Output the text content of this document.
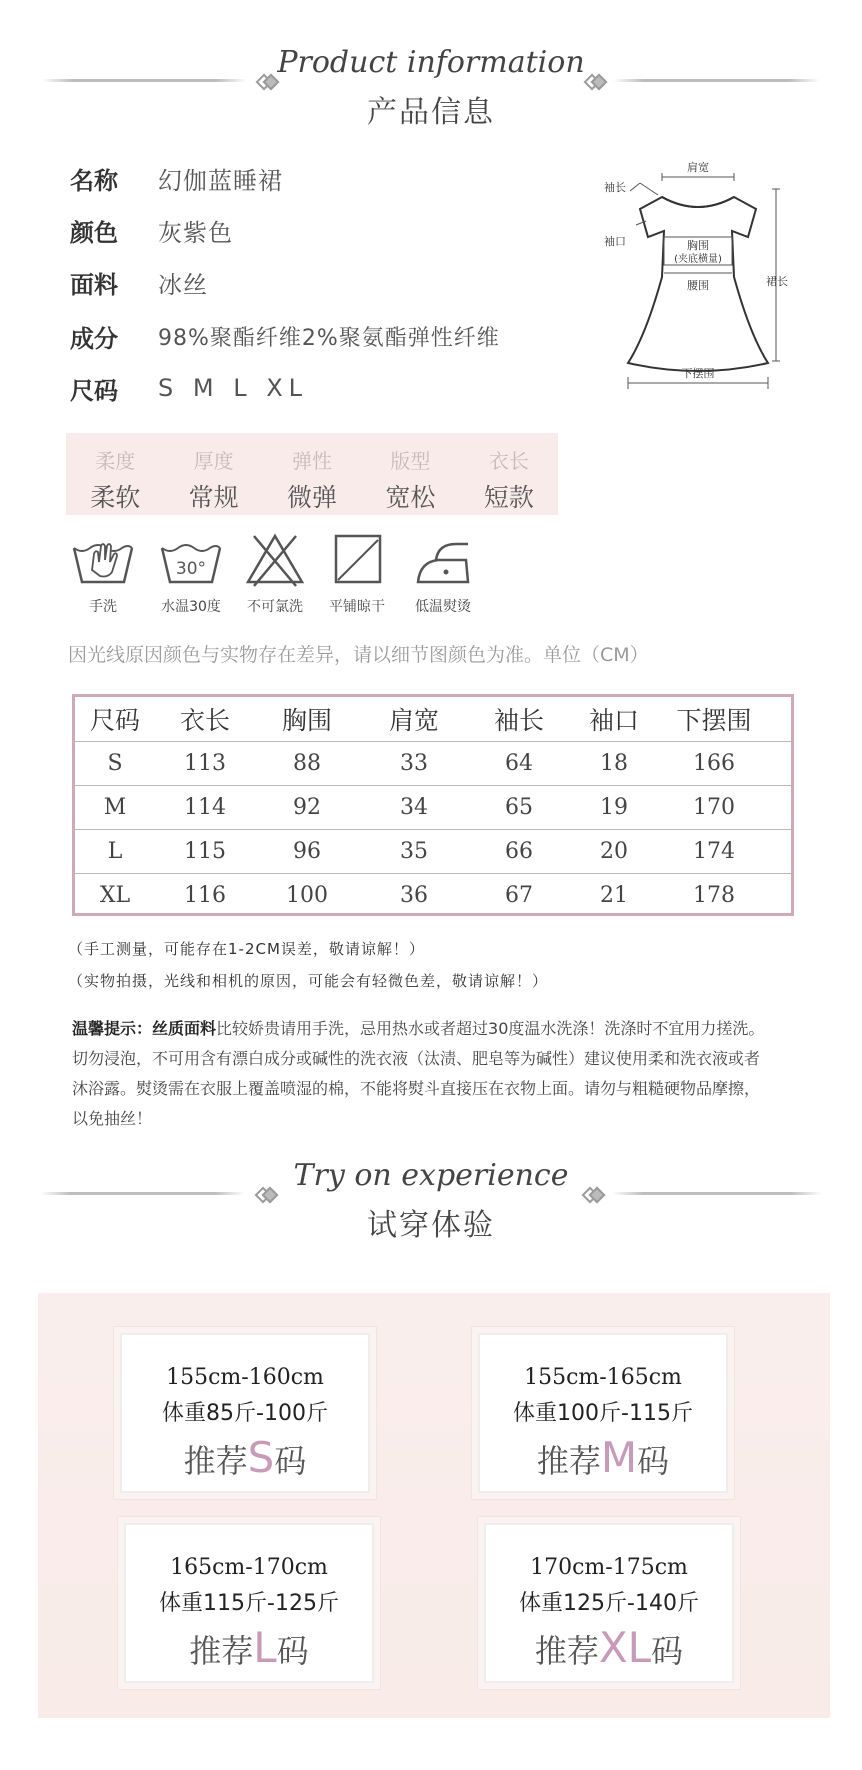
Product information
产品信息
名称	幻伽蓝睡裙
颜色	灰紫色
面料	冰丝
成分	98%聚酯纤维2%聚氨酯弹性纤维
尺码	S M L XL
肩宽
袖长
袖口	胸围
(夹底横量)
腰围	裙长
下摆围
柔度
柔软
厚度
常规
弹性
微弹
版型
宽松
衣长
短款
手洗
30°
水温30度	不可氯洗	平铺晾干	低温熨烫
因光线原因颜色与实物存在差异，请以细节图颜色为准。单位（CM）
尺码	衣长	胸围	肩宽	袖长	袖口	下摆围
S	113	88	33	64	18	166
M	114	92	34	65	19	170
L	115	96	35	66	20	174
XL	116	100	36	67	21	178
（手工测量，可能存在1-2CM误差，敬请谅解！）
（实物拍摄，光线和相机的原因，可能会有轻微色差，敬请谅解！）
温馨提示：丝质面料比较娇贵请用手洗，忌用热水或者超过30度温水洗涤！洗涤时不宜用力搓洗。切勿浸泡，不可用含有漂白成分或碱性的洗衣液（汰渍、肥皂等为碱性）建议使用柔和洗衣液或者沐浴露。熨烫需在衣服上覆盖喷湿的棉，不能将熨斗直接压在衣物上面。请勿与粗糙硬物品摩擦，以免抽丝！
Try on experience
试穿体验
155cm-160cm
体重85斤-100斤
推荐S码
155cm-165cm
体重100斤-115斤
推荐M码
165cm-170cm
体重115斤-125斤
推荐L码
170cm-175cm
体重125斤-140斤
推荐XL码
